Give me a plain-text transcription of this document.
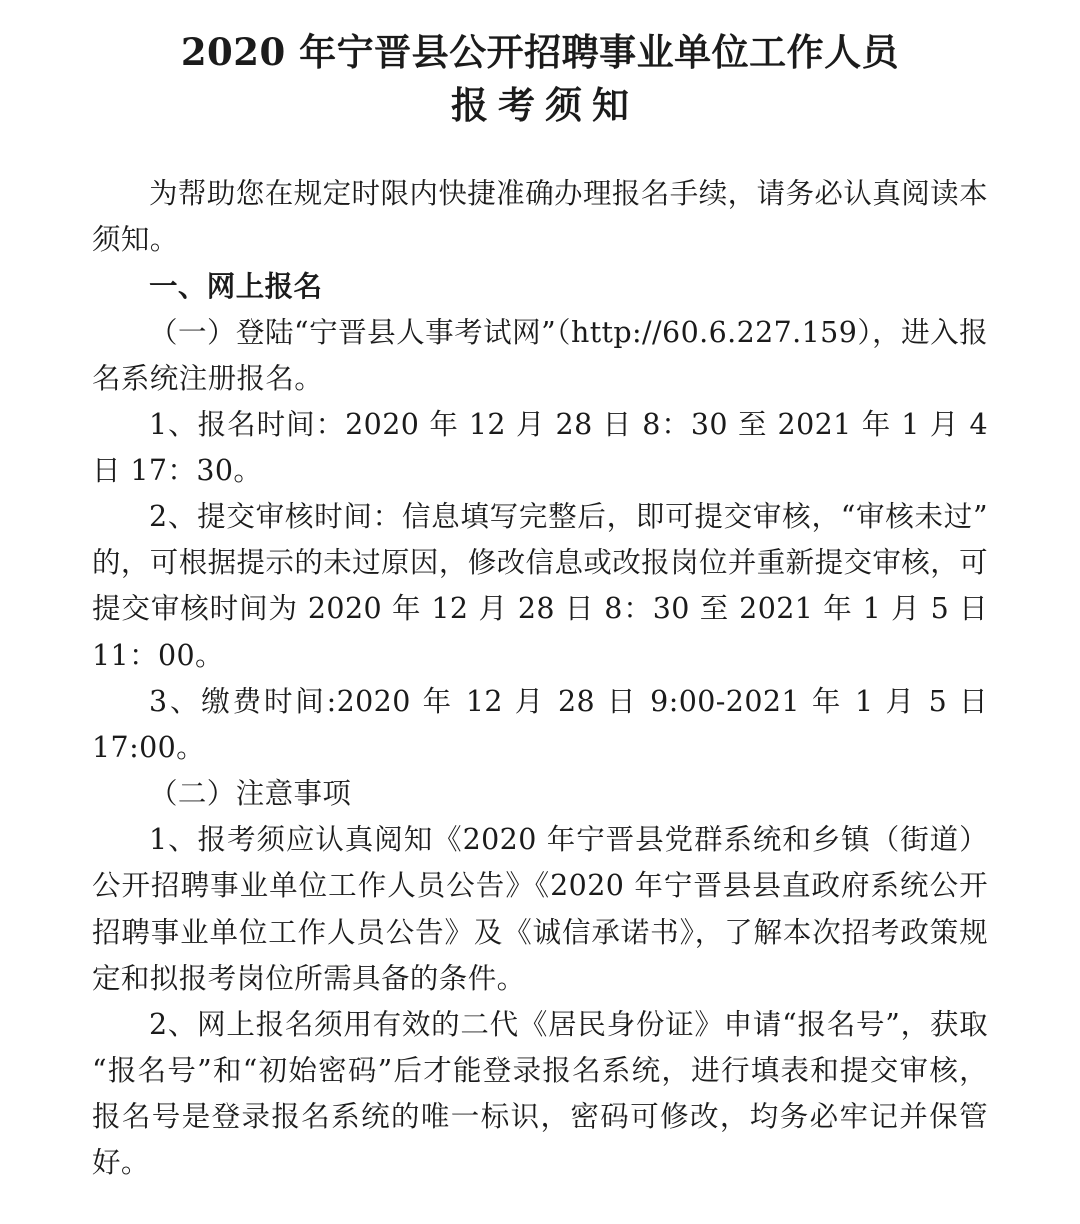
2020 年宁晋县公开招聘事业单位工作人员
报考须知

为帮助您在规定时限内快捷准确办理报名手续，请务必认真阅读本须知。

一、网上报名

（一）登陆“宁晋县人事考试网”（http://60.6.227.159），进入报名系统注册报名。

1、报名时间：2020 年 12 月 28 日 8：30 至 2021 年 1 月 4 日 17：30。

2、提交审核时间：信息填写完整后，即可提交审核，“审核未过”的，可根据提示的未过原因，修改信息或改报岗位并重新提交审核，可提交审核时间为 2020 年 12 月 28 日 8：30 至 2021 年 1 月 5 日 11：00。

3、缴费时间:2020 年 12 月 28 日 9:00-2021 年 1 月 5 日 17:00。

（二）注意事项

1、报考须应认真阅知《2020 年宁晋县党群系统和乡镇（街道）公开招聘事业单位工作人员公告》《2020 年宁晋县县直政府系统公开招聘事业单位工作人员公告》及《诚信承诺书》，了解本次招考政策规定和拟报考岗位所需具备的条件。

2、网上报名须用有效的二代《居民身份证》申请“报名号”，获取“报名号”和“初始密码”后才能登录报名系统，进行填表和提交审核，报名号是登录报名系统的唯一标识，密码可修改，均务必牢记并保管好。
